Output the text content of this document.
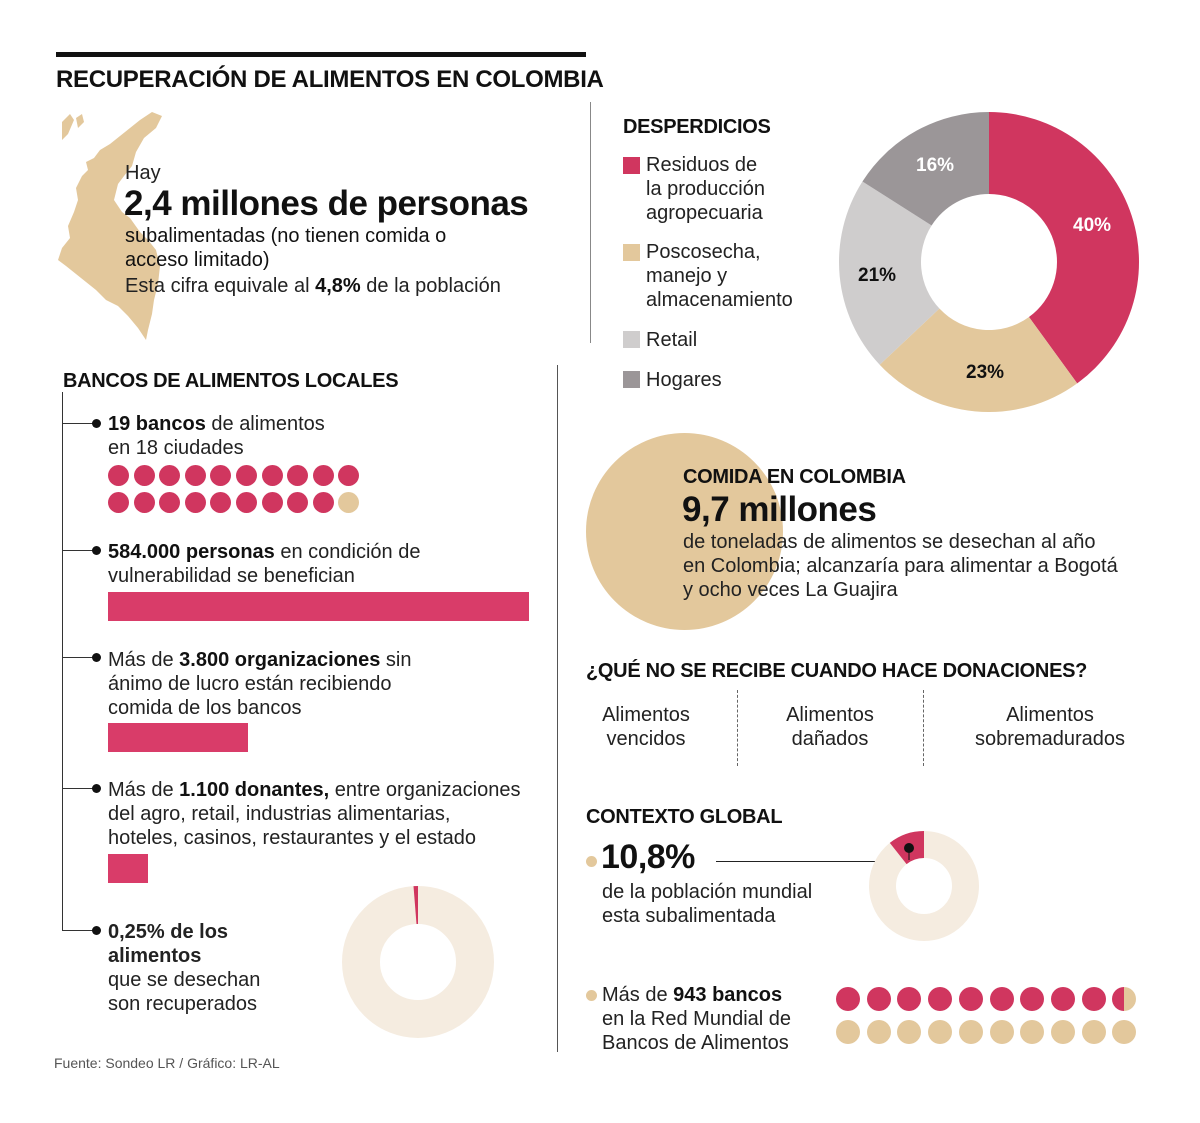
RECUPERACIÓN DE ALIMENTOS EN COLOMBIA
Hay
2,4 millones de personas
subalimentadas (no tienen comida o
acceso limitado)
Esta cifra equivale al 4,8% de la población
DESPERDICIOS
Residuos de
la producción
agropecuaria
Poscosecha,
manejo y
almacenamiento
Retail
Hogares
40%
23%
21%
16%
BANCOS DE ALIMENTOS LOCALES
19 bancos de alimentos
en 18 ciudades
584.000 personas en condición de
vulnerabilidad se benefician
Más de 3.800 organizaciones sin
ánimo de lucro están recibiendo
comida de los bancos
Más de 1.100 donantes, entre organizaciones
del agro, retail, industrias alimentarias,
hoteles, casinos, restaurantes y el estado
0,25% de los
alimentos
que se desechan
son recuperados
Fuente: Sondeo LR / Gráfico: LR-AL
COMIDA EN COLOMBIA
9,7 millones
de toneladas de alimentos se desechan al año
en Colombia; alcanzaría para alimentar a Bogotá
y ocho veces La Guajira
¿QUÉ NO SE RECIBE CUANDO HACE DONACIONES?
Alimentos
vencidos
Alimentos
dañados
Alimentos
sobremadurados
CONTEXTO GLOBAL
10,8%
de la población mundial
esta subalimentada
Más de 943 bancos
en la Red Mundial de
Bancos de Alimentos
